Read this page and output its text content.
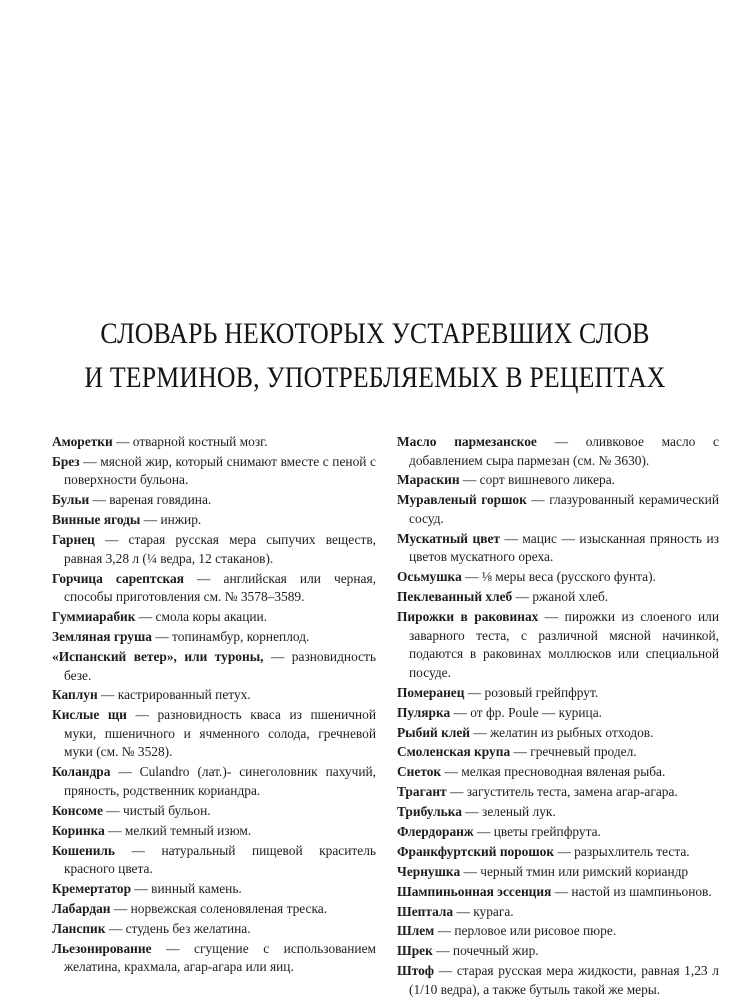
СЛОВАРЬ НЕКОТОРЫХ УСТАРЕВШИХ СЛОВ
И ТЕРМИНОВ, УПОТРЕБЛЯЕМЫХ В РЕЦЕПТАХ
Аморетки — отварной костный мозг.
Брез — мясной жир, который снимают вместе с пеной с поверхности бульона.
Бульи — вареная говядина.
Винные ягоды — инжир.
Гарнец — старая русская мера сыпучих веществ, равная 3,28 л (¼ ведра, 12 стаканов).
Горчица сарептская — английская или черная, способы приготовления см. № 3578–3589.
Гуммиарабик — смола коры акации.
Земляная груша — топинамбур, корнеплод.
«Испанский ветер», или туроны, — разновидность безе.
Каплун — кастрированный петух.
Кислые щи — разновидность кваса из пшеничной муки, пшеничного и ячменного солода, гречневой муки (см. № 3528).
Коландра — Culandro (лат.)- синеголовник пахучий, пряность, родственник кориандра.
Консоме — чистый бульон.
Коринка — мелкий темный изюм.
Кошениль — натуральный пищевой краситель красного цвета.
Кремертатор — винный камень.
Лабардан — норвежская соленовяленая треска.
Ланспик — студень без желатина.
Льезонирование — сгущение с использованием желатина, крахмала, агар-агара или яиц.
Масло пармезанское — оливковое масло с добавлением сыра пармезан (см. № 3630).
Мараскин — сорт вишневого ликера.
Муравленый горшок — глазурованный керамический сосуд.
Мускатный цвет — мацис — изысканная пряность из цветов мускатного ореха.
Осьмушка — ⅛ меры веса (русского фунта).
Пеклеванный хлеб — ржаной хлеб.
Пирожки в раковинах — пирожки из слоеного или заварного теста, с различной мясной начинкой, подаются в раковинах моллюсков или специальной посуде.
Померанец — розовый грейпфрут.
Пулярка — от фр. Poule — курица.
Рыбий клей — желатин из рыбных отходов.
Смоленская крупа — гречневый продел.
Снеток — мелкая пресноводная вяленая рыба.
Трагант — загуститель теста, замена агар-агара.
Трибулька — зеленый лук.
Флердоранж — цветы грейпфрута.
Франкфуртский порошок — разрыхлитель теста.
Чернушка — черный тмин или римский кориандр
Шампиньонная эссенция — настой из шампиньонов.
Шептала — курага.
Шлем — перловое или рисовое пюре.
Шрек — почечный жир.
Штоф — старая русская мера жидкости, равная 1,23 л (1/10 ведра), а также бутыль такой же меры.
